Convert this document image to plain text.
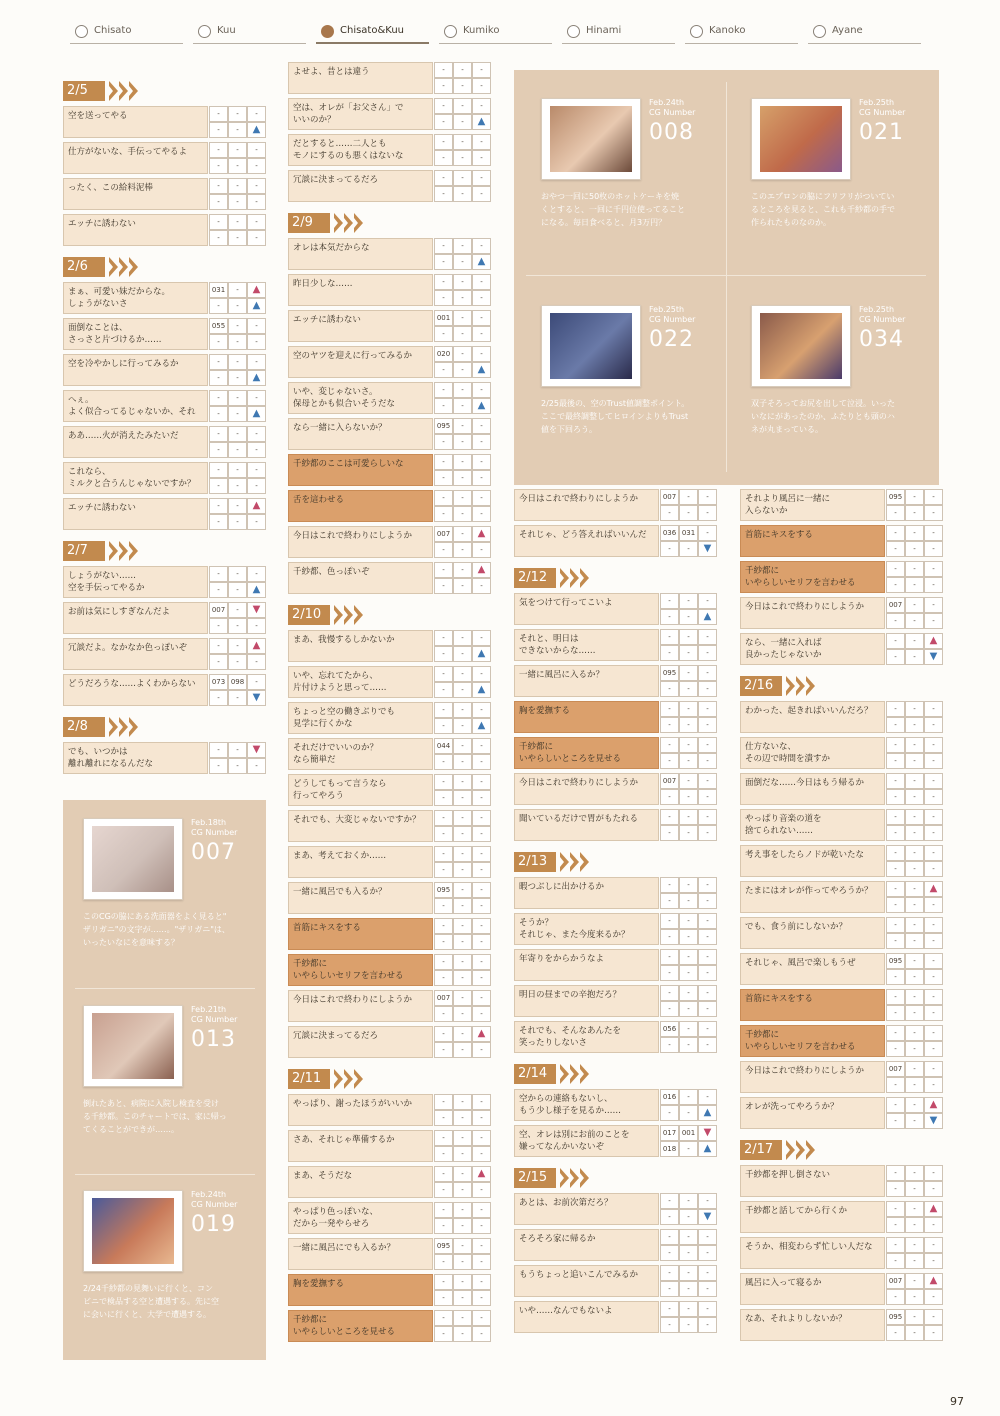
Chisato	Kuu	Chisato&Kuu	Kumiko	Hinami	Kanoko	Ayane
2/5
空を送ってやる	-	-	-
-	-	▲
仕方がないな、手伝ってやるよ	-	-	-
-	-	-
ったく、この給料泥棒	-	-	-
-	-	-
エッチに誘わない	-	-	-
-	-	-
2/6
まぁ、可愛い妹だからな。
しょうがないさ
031	-	▲
-	-	▲
面倒なことは、
さっさと片づけるか……
055	-	-
-	-	-
空を冷やかしに行ってみるか	-	-	-
-	-	▲
へぇ。
よく似合ってるじゃないか、それ
-	-	-
-	-	▲
ああ……火が消えたみたいだ	-	-	-
-	-	-
これなら、
ミルクと合うんじゃないですか？
-	-	-
-	-	-
エッチに誘わない	-	-	▲
-	-	-
2/7
しょうがない……
空を手伝ってやるか
-	-	-
-	-	▲
お前は気にしすぎなんだよ	007	-	▼
-	-	-
冗談だよ。なかなか色っぽいぞ	-	-	▲
-	-	-
どうだろうな……よくわからない	073 098	-
-	-	▼
2/8
でも、いつかは
離れ離れになるんだな
-	-	▼
-	-	-
Feb.18th
CG Number
007
このCGの脇にある洗面器をよく見ると"
ザリガニ"の文字が……。"ザリガニ"は、
いったいなにを意味する？
Feb.21th
CG Number
013
倒れたあと、病院に入院し検査を受け
る千紗都。このチャートでは、家に帰っ
てくることができが……。
Feb.24th
CG Number
019
2/24千紗都の見舞いに行くと、コン
ビニで検品する空と遭遇する。先に空
に会いに行くと、大学で遭遇する。
よせよ、昔とは違う	-	-	-
-	-	-
空は、オレが「お父さん」で
いいのか？
-	-	-
-	-	▲
だとすると……二人とも
モノにするのも悪くはないな
-	-	-
-	-	-
冗談に決まってるだろ	-	-	-
-	-	-
2/9
オレは本気だからな	-	-	-
-	-	▲
昨日少しな……	-	-	-
-	-	-
エッチに誘わない	001	-	-
-	-	-
空のヤツを迎えに行ってみるか	020	-	-
-	-	▲
いや、変じゃないさ。
保母とかも似合いそうだな
-	-	-
-	-	▲
なら一緒に入らないか？	095	-	-
-	-	-
千紗都のここは可愛らしいな	-	-	-
-	-	-
舌を這わせる	-	-	-
-	-	-
今日はこれで終わりにしようか	007	-	▲
-	-	-
千紗都、色っぽいぞ	-	-	▲
-	-	-
2/10
まあ、我慢するしかないか	-	-	-
-	-	▲
いや、忘れてたから、
片付けようと思って……
-	-	-
-	-	▲
ちょっと空の働きぶりでも
見学に行くかな
-	-	-
-	-	▲
それだけでいいのか？
なら簡単だ
044	-	-
-	-	-
どうしてもって言うなら
行ってやろう
-	-	-
-	-	-
それでも、大変じゃないですか？	-	-	-
-	-	-
まあ、考えておくか……	-	-	-
-	-	-
一緒に風呂でも入るか？	095	-	-
-	-	-
首筋にキスをする	-	-	-
-	-	-
千紗都に
いやらしいセリフを言わせる
-	-	-
-	-	-
今日はこれで終わりにしようか	007	-	-
-	-	-
冗談に決まってるだろ	-	-	▲
-	-	-
2/11
やっぱり、謝ったほうがいいか	-	-	-
-	-	-
さあ、それじゃ準備するか	-	-	-
-	-	-
まあ、そうだな	-	-	▲
-	-	-
やっぱり色っぽいな、
だから一発やらせろ
-	-	-
-	-	-
一緒に風呂にでも入るか？	095	-	-
-	-	-
胸を愛撫する	-	-	-
-	-	-
千紗都に
いやらしいところを見せる
-	-	-
-	-	-
Feb.24th
CG Number
008
おやつ一回に50枚のホットケーキを焼
くとすると、一回に千円位使ってること
になる。毎日食べると、月3万円？
Feb.25th
CG Number
021
このエプロンの脇にフリフリがついてい
るところを見ると、これも千紗都の手で
作られたものなのか。
Feb.25th
CG Number
022
2/25最後の、空のTrust値調整ポイント。
ここで最終調整してヒロインよりもTrust
値を下回ろう。
Feb.25th
CG Number
034
双子そろってお尻を出して泣浸。いった
いなにがあったのか、ふたりとも頭のハ
ネが丸まっている。
今日はこれで終わりにしようか	007	-	-
-	-	-
それじゃ、どう答えればいいんだ	036 031	-
-	-	▼
2/12
気をつけて行ってこいよ	-	-	-
-	-	▲
それと、明日は
できないからな……
-	-	-
-	-	-
一緒に風呂に入るか？	095	-	-
-	-	-
胸を愛撫する	-	-	-
-	-	-
千紗都に
いやらしいところを見せる
-	-	-
-	-	-
今日はこれで終わりにしようか	007	-	-
-	-	-
聞いているだけで胃がもたれる	-	-	-
-	-	-
2/13
暇つぶしに出かけるか	-	-	-
-	-	-
そうか？
それじゃ、また今度来るか？
-	-	-
-	-	-
年寄りをからかうなよ	-	-	-
-	-	-
明日の昼までの辛抱だろ？	-	-	-
-	-	-
それでも、そんなあんたを
笑ったりしないさ
056	-	-
-	-	-
2/14
空からの連絡もないし、
もう少し様子を見るか……
016	-	-
-	-	▲
空、オレは別にお前のことを
嫌ってなんかいないぞ
017 001 ▼
018	-	▲
2/15
あとは、お前次第だろ？	-	-	-
-	-	▼
そろそろ家に帰るか	-	-	-
-	-	-
もうちょっと追いこんでみるか	-	-	-
-	-	-
いや……なんでもないよ	-	-	-
-	-	-
それより風呂に一緒に
入らないか
095	-	-
-	-	-
首筋にキスをする	-	-	-
-	-	-
千紗都に
いやらしいセリフを言わせる
-	-	-
-	-	-
今日はこれで終わりにしようか	007	-	-
-	-	-
なら、一緒に入れば
良かったじゃないか
-	-	▲
-	-	▼
2/16
わかった、起きればいいんだろ？	-	-	-
-	-	-
仕方ないな、
その辺で時間を潰すか
-	-	-
-	-	-
面倒だな……今日はもう帰るか	-	-	-
-	-	-
やっぱり音楽の道を
捨てられない……
-	-	-
-	-	-
考え事をしたらノドが乾いたな	-	-	-
-	-	-
たまにはオレが作ってやろうか？	-	-	▲
-	-	-
でも、食う前にしないか？	-	-	-
-	-	-
それじゃ、風呂で楽しもうぜ	095	-	-
-	-	-
首筋にキスをする	-	-	-
-	-	-
千紗都に
いやらしいセリフを言わせる
-	-	-
-	-	-
今日はこれで終わりにしようか	007	-	-
-	-	-
オレが洗ってやろうか？	-	-	▲
-	-	▼
2/17
千紗都を押し倒さない	-	-	-
-	-	-
千紗都と話してから行くか	-	-	▲
-	-	-
そうか、相変わらず忙しい人だな	-	-	-
-	-	-
風呂に入って寝るか	007	-	▲
-	-	-
なあ、それよりしないか？	095	-	-
-	-	-
97
